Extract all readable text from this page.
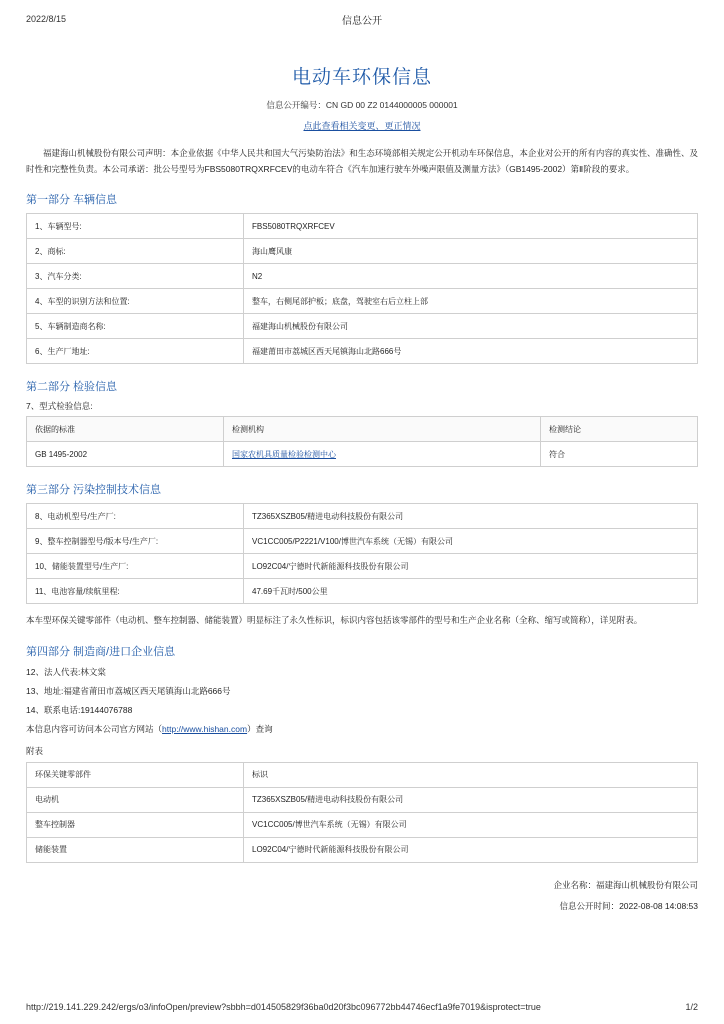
2022/8/15	信息公开
电动车环保信息
信息公开编号：CN GD 00 Z2 0144000005 000001
点此查看相关变更、更正情况
福建海山机械股份有限公司声明：本企业依据《中华人民共和国大气污染防治法》和生态环境部相关规定公开机动车环保信息，本企业对公开的所有内容的真实性、准确性、及时性和完整性负责。本公司承诺：批公号型号为FBS5080TRQXRFCEV的电动车符合《汽车加速行驶车外噪声限值及测量方法》（GB1495-2002）第Ⅱ阶段的要求。
第一部分 车辆信息
1、车辆型号:	FBS5080TRQXRFCEV
2、商标:	海山鹰风康
3、汽车分类:	N2
4、车型的识别方法和位置:	整车，右侧尾部护板；底盘，驾驶室右后立柱上部
5、车辆制造商名称:	福建海山机械股份有限公司
6、生产厂地址:	福建莆田市荔城区西天尾镇海山北路666号
第二部分 检验信息
7、型式检验信息:
依据的标准	检测机构	检测结论
GB 1495-2002	国家农机具质量检验检测中心	符合
第三部分 污染控制技术信息
8、电动机型号/生产厂:	TZ365XSZB05/精进电动科技股份有限公司
9、整车控制器型号/版本号/生产厂:	VC1CC005/P2221/V100/博世汽车系统（无锡）有限公司
10、储能装置型号/生产厂:	LO92C04/宁德时代新能源科技股份有限公司
11、电池容量/续航里程:	47.69千瓦时/500公里
本车型环保关键零部件（电动机、整车控制器、储能装置）明显标注了永久性标识，标识内容包括该零部件的型号和生产企业名称（全称、缩写或简称），详见附表。
第四部分 制造商/进口企业信息

12、法人代表:林文棠

13、地址:福建省莆田市荔城区西天尾镇海山北路666号

14、联系电话:19144076788

本信息内容可访问本公司官方网站（http://www.hishan.com）查询

附表
环保关键零部件	标识
电动机	TZ365XSZB05/精进电动科技股份有限公司
整车控制器	VC1CC005/博世汽车系统（无锡）有限公司
储能装置	LO92C04/宁德时代新能源科技股份有限公司
企业名称：福建海山机械股份有限公司
信息公开时间：2022-08-08 14:08:53
http://219.141.229.242/ergs/o3/infoOpen/preview?sbbh=d014505829f36ba0d20f3bc096772bb44746ecf1a9fe7019&isprotect=true	1/2
